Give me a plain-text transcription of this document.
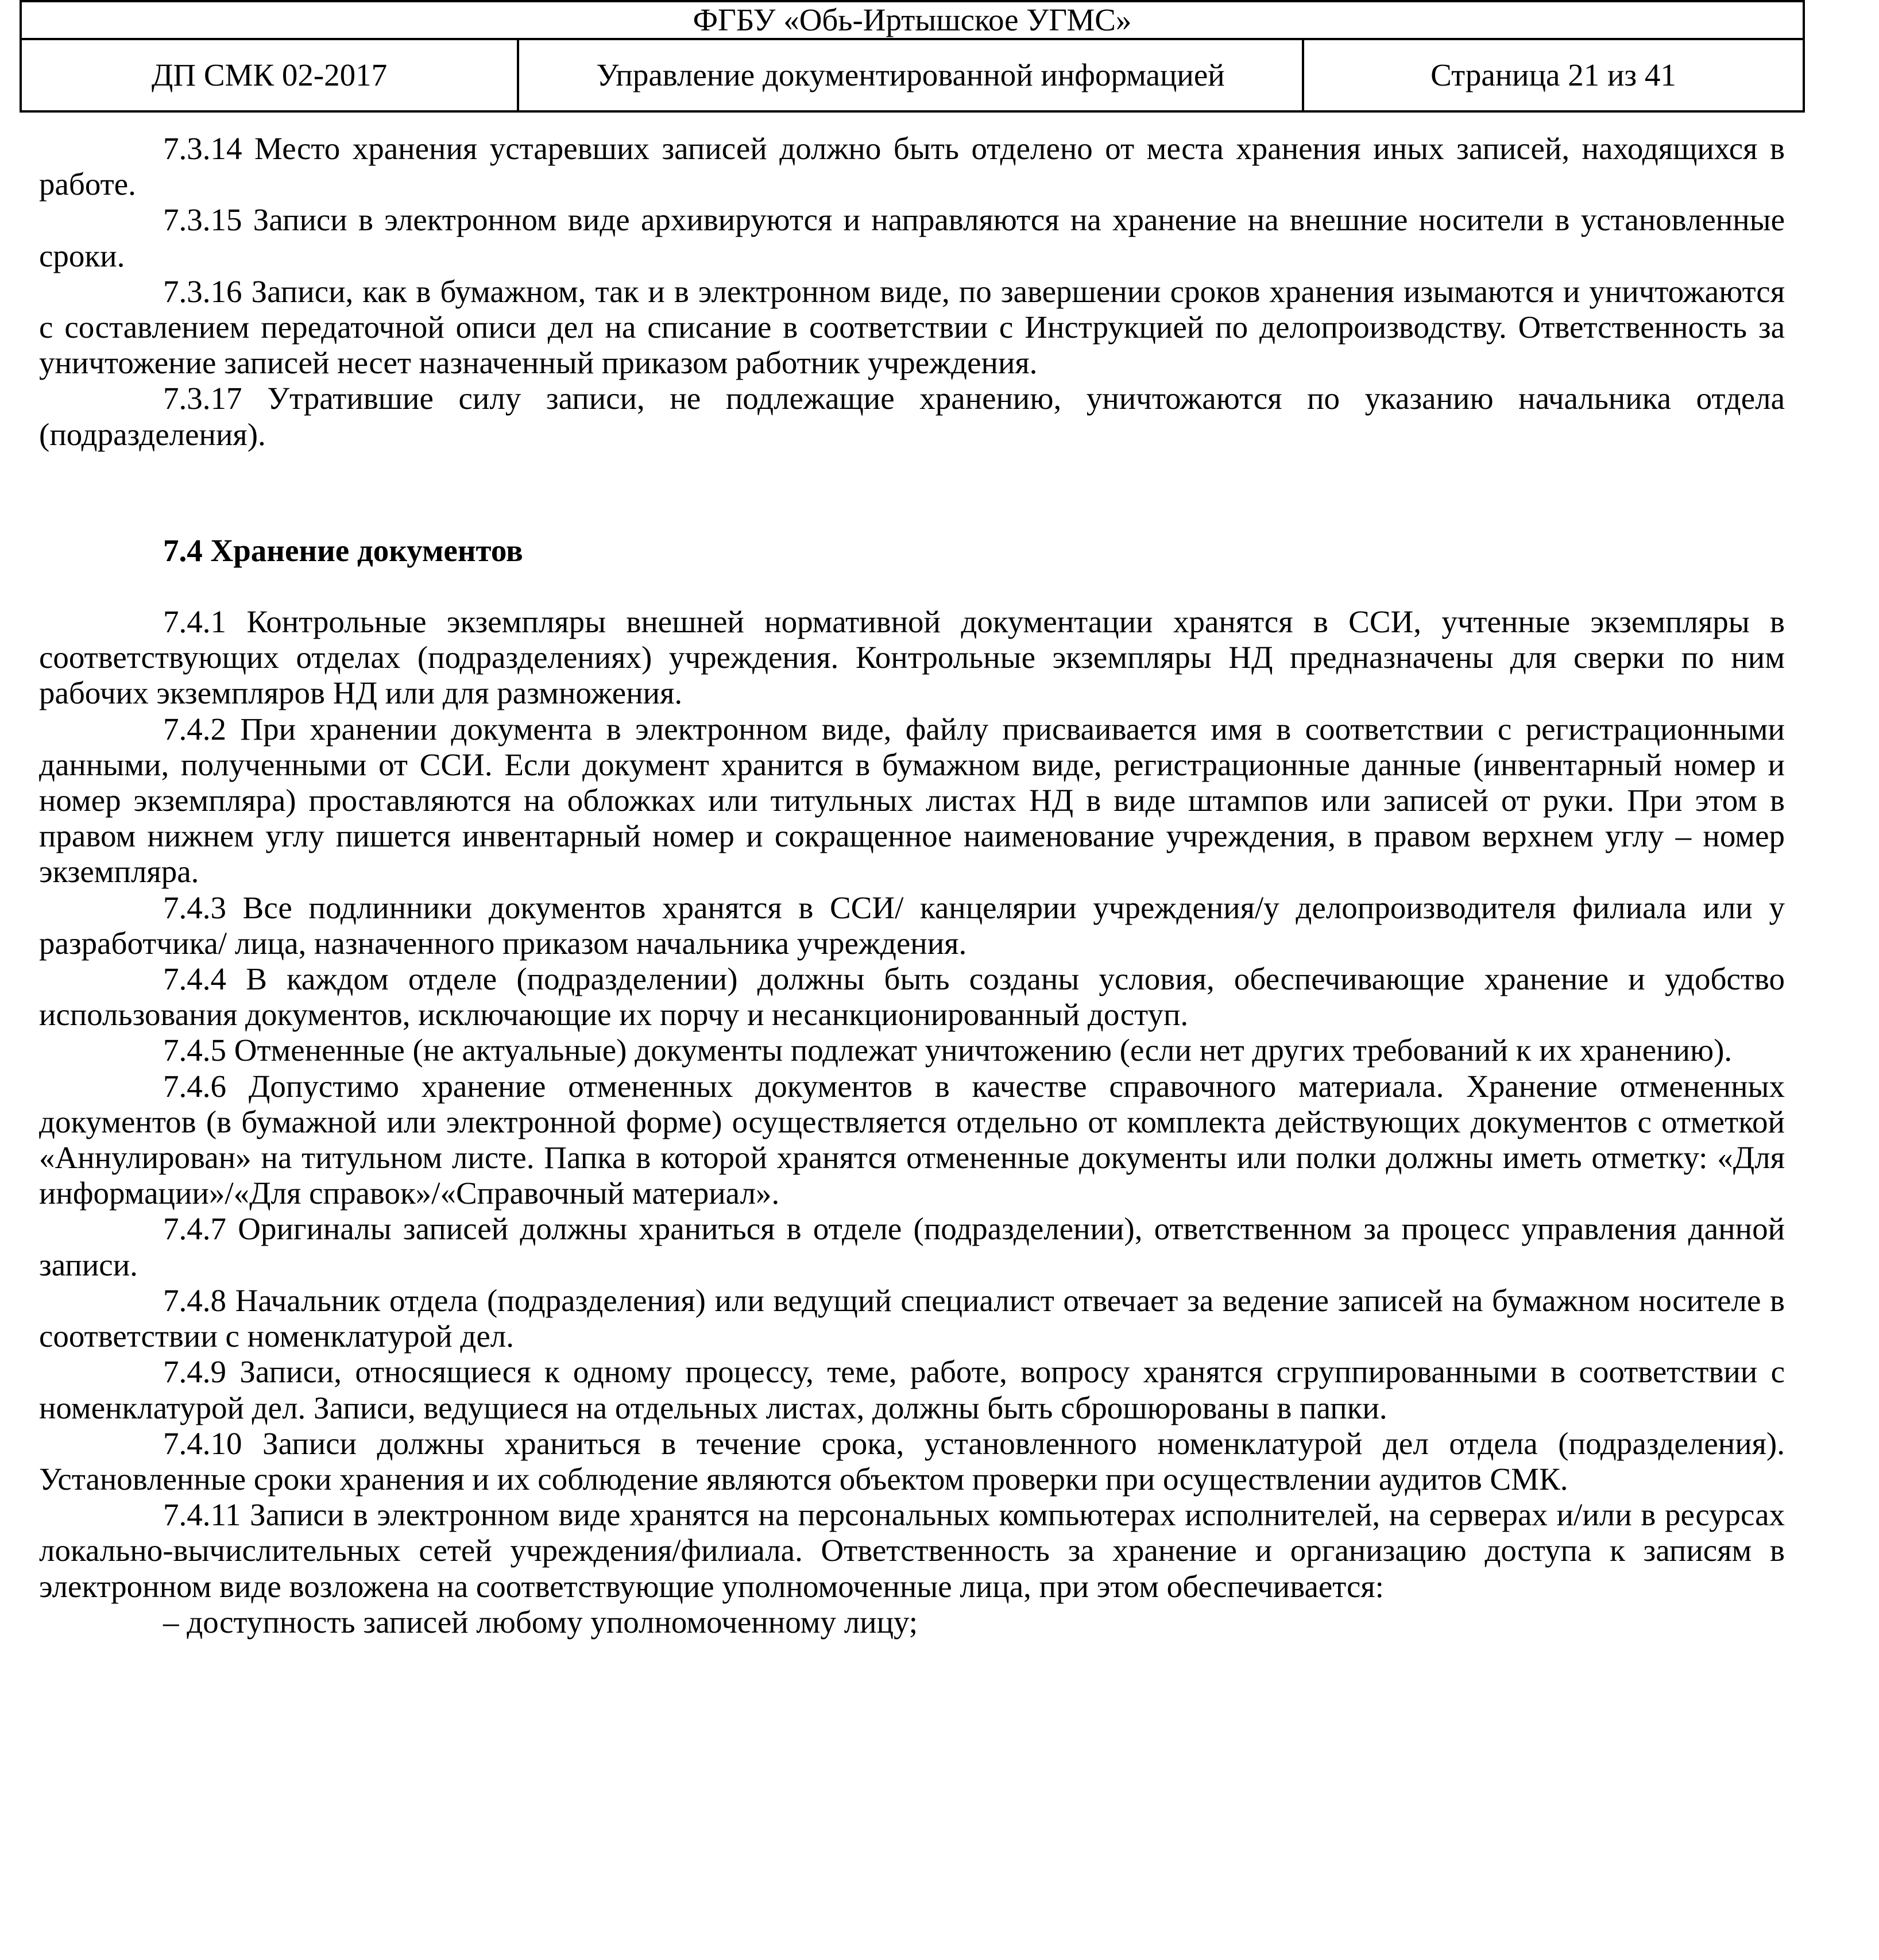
ФГБУ «Обь-Иртышское УГМС»
ДП СМК 02-2017	Управление документированной информацией	Страница 21 из 41

7.3.14 Место хранения устаревших записей должно быть отделено от места хранения иных записей, находящихся в работе.

7.3.15 Записи в электронном виде архивируются и направляются на хранение на внешние носители в установленные сроки.

7.3.16 Записи, как в бумажном, так и в электронном виде, по завершении сроков хранения изымаются и уничтожаются с составлением передаточной описи дел на списание в соответствии с Инструкцией по делопроизводству. Ответственность за уничтожение записей несет назначенный приказом работник учреждения.

7.3.17 Утратившие силу записи, не подлежащие хранению, уничтожаются по указанию начальника отдела (подразделения).

7.4 Хранение документов

7.4.1 Контрольные экземпляры внешней нормативной документации хранятся в ССИ, учтенные экземпляры в соответствующих отделах (подразделениях) учреждения. Контрольные экземпляры НД предназначены для сверки по ним рабочих экземпляров НД или для размножения.

7.4.2 При хранении документа в электронном виде, файлу присваивается имя в соответствии с регистрационными данными, полученными от ССИ. Если документ хранится в бумажном виде, регистрационные данные (инвентарный номер и номер экземпляра) проставляются на обложках или титульных листах НД в виде штампов или записей от руки. При этом в правом нижнем углу пишется инвентарный номер и сокращенное наименование учреждения, в правом верхнем углу – номер экземпляра.

7.4.3 Все подлинники документов хранятся в ССИ/ канцелярии учреждения/у делопроизводителя филиала или у разработчика/ лица, назначенного приказом начальника учреждения.

7.4.4 В каждом отделе (подразделении) должны быть созданы условия, обеспечивающие хранение и удобство использования документов, исключающие их порчу и несанкционированный доступ.

7.4.5 Отмененные (не актуальные) документы подлежат уничтожению (если нет других требований к их хранению).

7.4.6 Допустимо хранение отмененных документов в качестве справочного материала. Хранение отмененных документов (в бумажной или электронной форме) осуществляется отдельно от комплекта действующих документов с отметкой «Аннулирован» на титульном листе. Папка в которой хранятся отмененные документы или полки должны иметь отметку: «Для информации»/«Для справок»/«Справочный материал».

7.4.7 Оригиналы записей должны храниться в отделе (подразделении), ответственном за процесс управления данной записи.

7.4.8 Начальник отдела (подразделения) или ведущий специалист отвечает за ведение записей на бумажном носителе в соответствии с номенклатурой дел.

7.4.9 Записи, относящиеся к одному процессу, теме, работе, вопросу хранятся сгруппированными в соответствии с номенклатурой дел. Записи, ведущиеся на отдельных листах, должны быть сброшюрованы в папки.

7.4.10 Записи должны храниться в течение срока, установленного номенклатурой дел отдела (подразделения). Установленные сроки хранения и их соблюдение являются объектом проверки при осуществлении аудитов СМК.

7.4.11 Записи в электронном виде хранятся на персональных компьютерах исполнителей, на серверах и/или в ресурсах локально-вычислительных сетей учреждения/филиала. Ответственность за хранение и организацию доступа к записям в электронном виде возложена на соответствующие уполномоченные лица, при этом обеспечивается:

– доступность записей любому уполномоченному лицу;
